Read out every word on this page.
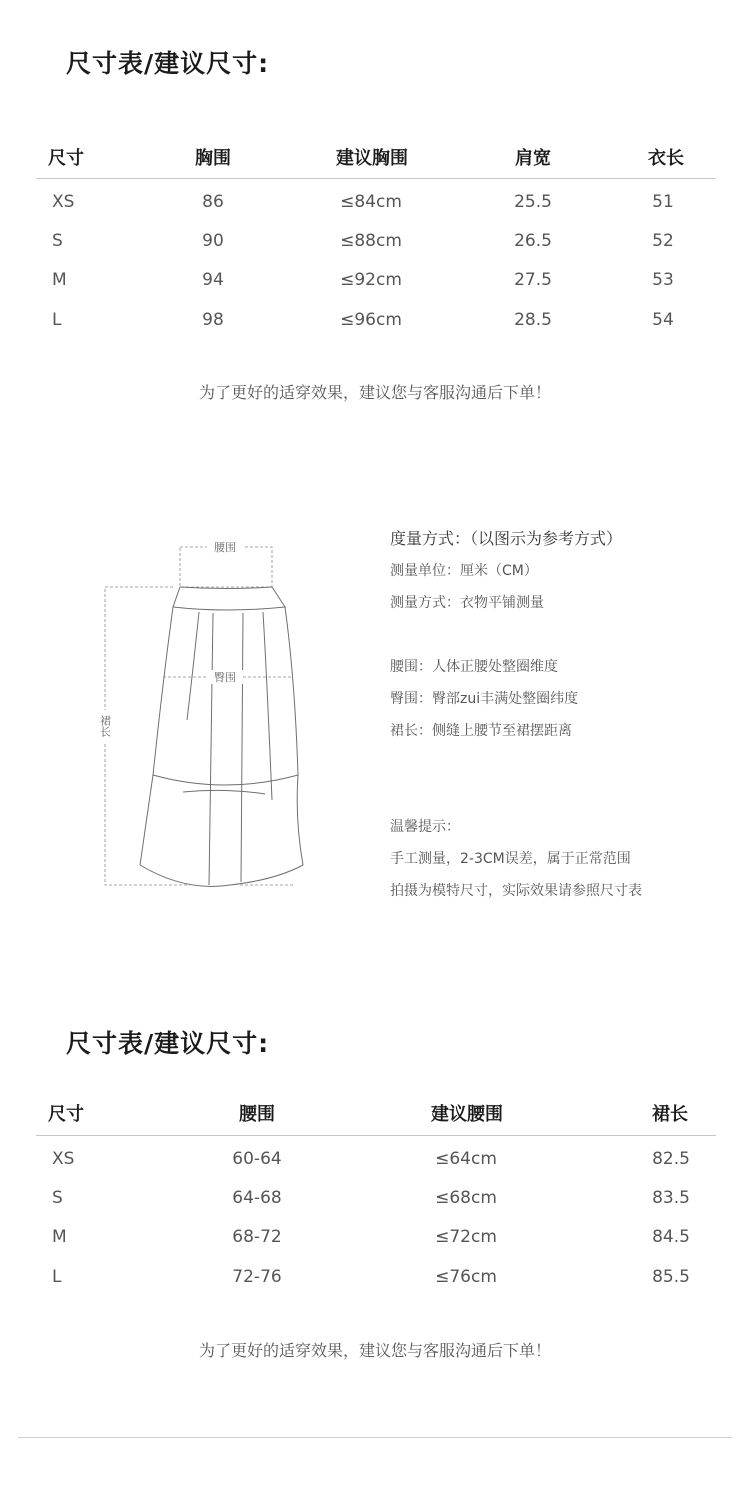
尺寸表/建议尺寸:
尺寸	胸围	建议胸围	肩宽	衣长
XS	86	≤84cm	25.5	51
S	90	≤88cm	26.5	52
M	94	≤92cm	27.5	53
L	98	≤96cm	28.5	54
为了更好的适穿效果，建议您与客服沟通后下单！
腰围
臀围
裙长
度量方式：（以图示为参考方式）
测量单位：厘米（CM）
测量方式：衣物平铺测量
腰围：人体正腰处整圈维度
臀围：臀部zui丰满处整圈纬度
裙长：侧缝上腰节至裙摆距离
温馨提示：
手工测量，2-3CM误差，属于正常范围
拍摄为模特尺寸，实际效果请参照尺寸表
尺寸表/建议尺寸:
尺寸	腰围	建议腰围	裙长
XS	60-64	≤64cm	82.5
S	64-68	≤68cm	83.5
M	68-72	≤72cm	84.5
L	72-76	≤76cm	85.5
为了更好的适穿效果，建议您与客服沟通后下单！
